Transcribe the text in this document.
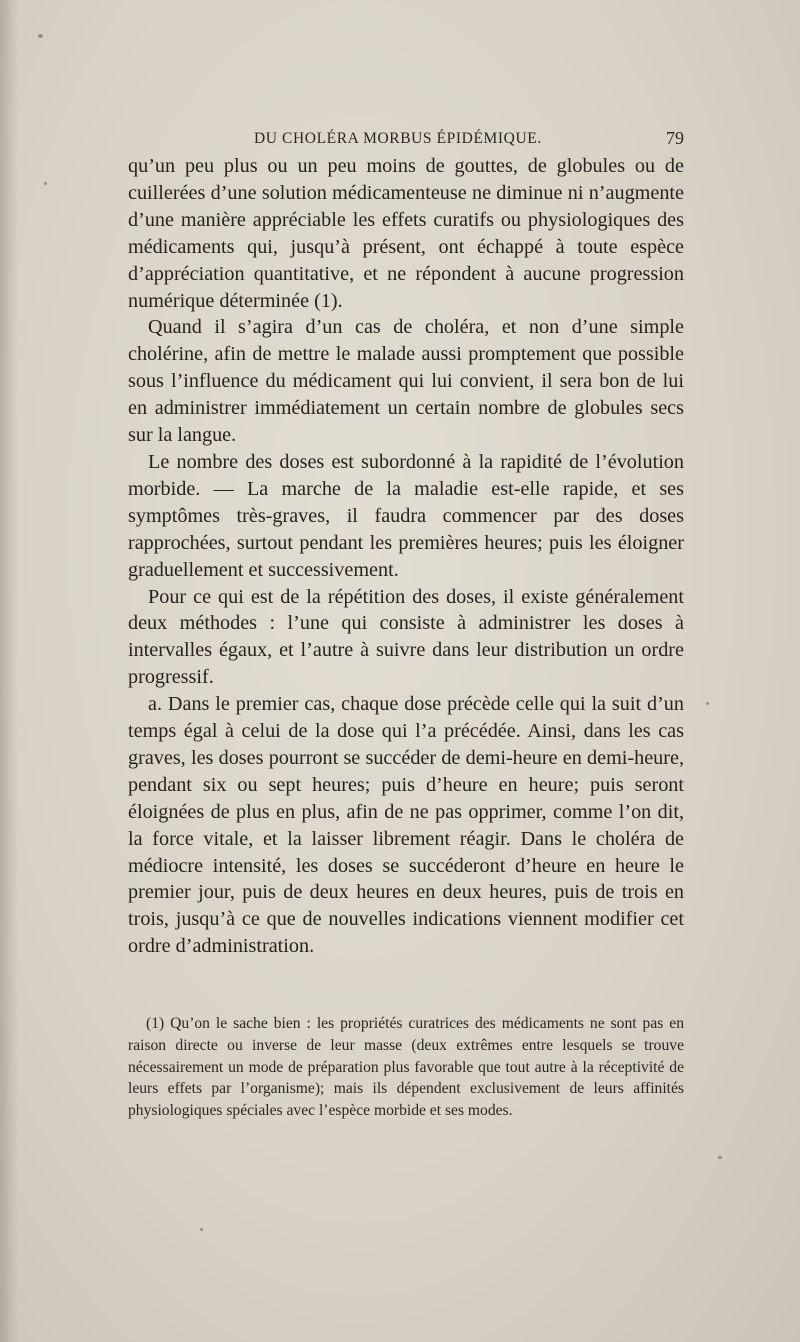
DU CHOLÉRA MORBUS ÉPIDÉMIQUE.	79

qu’un peu plus ou un peu moins de gouttes, de globules ou de cuillerées d’une solution médicamenteuse ne diminue ni n’augmente d’une manière appréciable les effets curatifs ou physiologiques des médicaments qui, jusqu’à présent, ont échappé à toute espèce d’appréciation quantitative, et ne répondent à aucune progression numérique déterminée (1).

Quand il s’agira d’un cas de choléra, et non d’une simple cholérine, afin de mettre le malade aussi promptement que possible sous l’influence du médicament qui lui convient, il sera bon de lui en administrer immédiatement un certain nombre de globules secs sur la langue.

Le nombre des doses est subordonné à la rapidité de l’évolution morbide. — La marche de la maladie est-elle rapide, et ses symptômes très-graves, il faudra commencer par des doses rapprochées, surtout pendant les premières heures; puis les éloigner graduellement et successivement.

Pour ce qui est de la répétition des doses, il existe généralement deux méthodes : l’une qui consiste à administrer les doses à intervalles égaux, et l’autre à suivre dans leur distribution un ordre progressif.

a. Dans le premier cas, chaque dose précède celle qui la suit d’un temps égal à celui de la dose qui l’a précédée. Ainsi, dans les cas graves, les doses pourront se succéder de demi-heure en demi-heure, pendant six ou sept heures; puis d’heure en heure; puis seront éloignées de plus en plus, afin de ne pas opprimer, comme l’on dit, la force vitale, et la laisser librement réagir. Dans le choléra de médiocre intensité, les doses se succéderont d’heure en heure le premier jour, puis de deux heures en deux heures, puis de trois en trois, jusqu’à ce que de nouvelles indications viennent modifier cet ordre d’administration.

(1) Qu’on le sache bien : les propriétés curatrices des médicaments ne sont pas en raison directe ou inverse de leur masse (deux extrêmes entre lesquels se trouve nécessairement un mode de préparation plus favorable que tout autre à la réceptivité de leurs effets par l’organisme); mais ils dépendent exclusivement de leurs affinités physiologiques spéciales avec l’espèce morbide et ses modes.
